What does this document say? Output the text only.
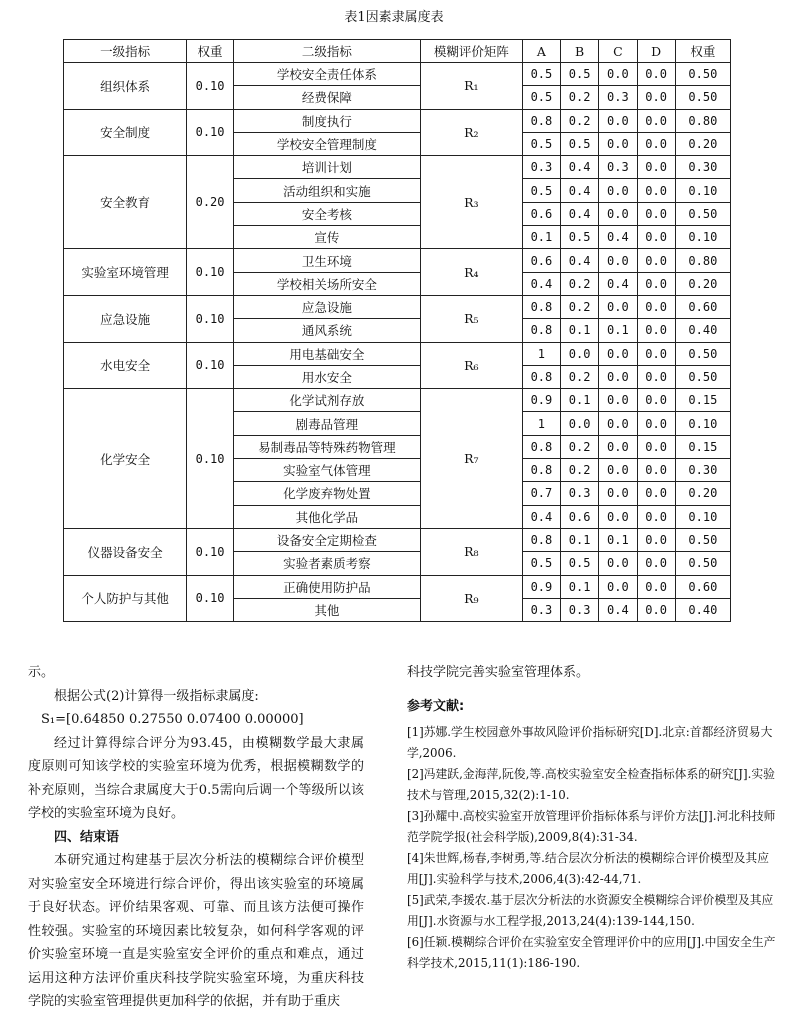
表1因素隶属度表
一级指标	权重	二级指标	模糊评价矩阵	A	B	C	D	权重
组织体系	0.10	学校安全责任体系	R₁	0.5	0.5	0.0	0.0	0.50
		经费保障		0.5	0.2	0.3	0.0	0.50
安全制度	0.10	制度执行	R₂	0.8	0.2	0.0	0.0	0.80
		学校安全管理制度		0.5	0.5	0.0	0.0	0.20
安全教育	0.20	培训计划	R₃	0.3	0.4	0.3	0.0	0.30
		活动组织和实施		0.5	0.4	0.0	0.0	0.10
		安全考核		0.6	0.4	0.0	0.0	0.50
		宣传		0.1	0.5	0.4	0.0	0.10
实验室环境管理	0.10	卫生环境	R₄	0.6	0.4	0.0	0.0	0.80
		学校相关场所安全		0.4	0.2	0.4	0.0	0.20
应急设施	0.10	应急设施	R₅	0.8	0.2	0.0	0.0	0.60
		通风系统		0.8	0.1	0.1	0.0	0.40
水电安全	0.10	用电基础安全	R₆	1	0.0	0.0	0.0	0.50
		用水安全		0.8	0.2	0.0	0.0	0.50
化学安全	0.10	化学试剂存放	R₇	0.9	0.1	0.0	0.0	0.15
		剧毒品管理		1	0.0	0.0	0.0	0.10
		易制毒品等特殊药物管理		0.8	0.2	0.0	0.0	0.15
		实验室气体管理		0.8	0.2	0.0	0.0	0.30
		化学废弃物处置		0.7	0.3	0.0	0.0	0.20
		其他化学品		0.4	0.6	0.0	0.0	0.10
仪器设备安全	0.10	设备安全定期检查	R₈	0.8	0.1	0.1	0.0	0.50
		实验者素质考察		0.5	0.5	0.0	0.0	0.50
个人防护与其他	0.10	正确使用防护品	R₉	0.9	0.1	0.0	0.0	0.60
		其他		0.3	0.3	0.4	0.0	0.40

示。

根据公式(2)计算得一级指标隶属度:

S₁=[0.64850 0.27550 0.07400 0.00000]

经过计算得综合评分为93.45，由模糊数学最大隶属度原则可知该学校的实验室环境为优秀，根据模糊数学的补充原则，当综合隶属度大于0.5需向后调一个等级所以该学校的实验室环境为良好。

四、结束语

本研究通过构建基于层次分析法的模糊综合评价模型对实验室安全环境进行综合评价，得出该实验室的环境属于良好状态。评价结果客观、可靠、而且该方法便可操作性较强。实验室的环境因素比较复杂，如何科学客观的评价实验室环境一直是实验室安全评价的重点和难点，通过运用这种方法评价重庆科技学院实验室环境，为重庆科技学院的实验室管理提供更加科学的依据，并有助于重庆

科技学院完善实验室管理体系。

参考文献:

[1]苏娜.学生校园意外事故风险评价指标研究[D].北京:首都经济贸易大学,2006.

[2]冯建跃,金海萍,阮俊,等.高校实验室安全检查指标体系的研究[J].实验技术与管理,2015,32(2):1-10.

[3]孙耀中.高校实验室开放管理评价指标体系与评价方法[J].河北科技师范学院学报(社会科学版),2009,8(4):31-34.

[4]朱世辉,杨春,李树勇,等.结合层次分析法的模糊综合评价模型及其应用[J].实验科学与技术,2006,4(3):42-44,71.

[5]武荣,李援农.基于层次分析法的水资源安全模糊综合评价模型及其应用[J].水资源与水工程学报,2013,24(4):139-144,150.

[6]任颖.模糊综合评价在实验室安全管理评价中的应用[J].中国安全生产科学技术,2015,11(1):186-190.
